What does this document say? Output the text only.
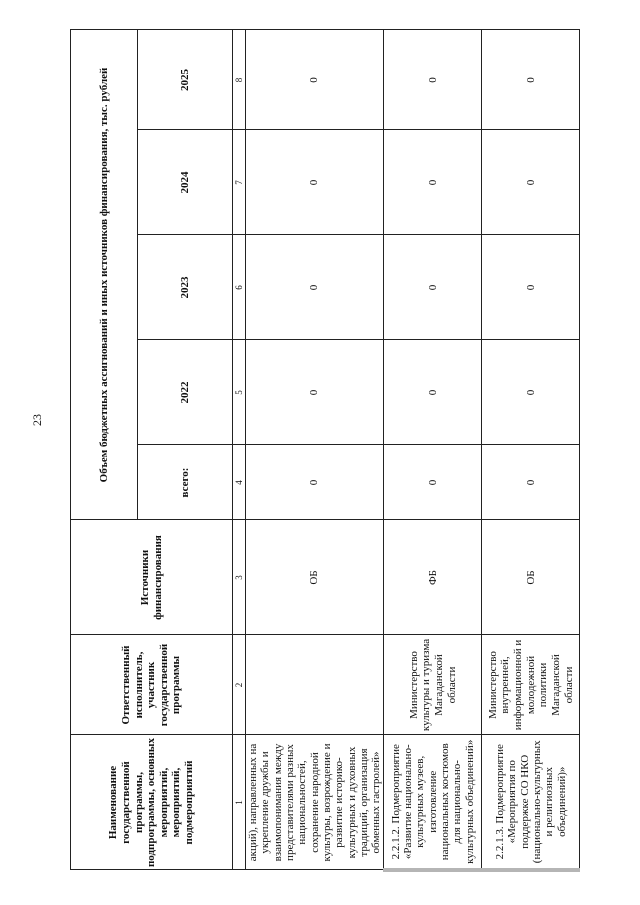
23
Наименование государственной программы, подпрограммы, основных мероприятий, мероприятий, подмероприятий	Ответственный исполнитель, участник государственной программы	Источники финансирования	Объем бюджетных ассигнований и иных источников финансирования, тыс. рублей				
			всего:	2022	2023	2024	2025
1	2	3	4	5	6	7	8
акций), направленных на укрепление дружбы и взаимопонимания между представителями разных национальностей, сохранение народной культуры, возрождение и развитие историко-культурных и духовных традиций, организация обменных гастролей»		ОБ	0	0	0	0	0
2.2.1.2. Подмероприятие «Развитие национально-культурных музеев, изготовление национальных костюмов для национально-культурных объединений»	Министерство культуры и туризма Магаданской области	ФБ	0	0	0	0	0
2.2.1.3. Подмероприятие «Мероприятия по поддержке СО НКО (национально-культурных и религиозных объединений)»	Министерство внутренней, информационной и молодежной политики Магаданской области	ОБ	0	0	0	0	0
